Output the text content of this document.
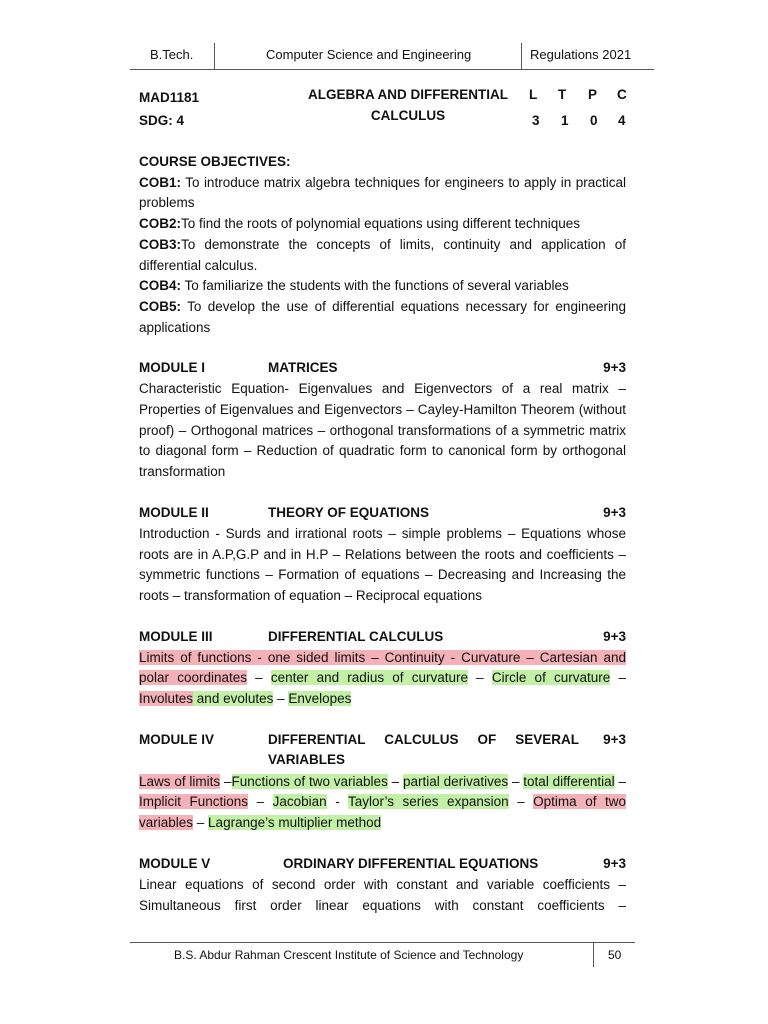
B.Tech.	Computer Science and Engineering	Regulations 2021
MAD1181
SDG: 4
ALGEBRA AND DIFFERENTIAL
CALCULUS
L T P C
3 1 0 4

COURSE OBJECTIVES:

COB1: To introduce matrix algebra techniques for engineers to apply in practical problems

COB2:To find the roots of polynomial equations using different techniques

COB3:To demonstrate the concepts of limits, continuity and application of differential calculus.

COB4: To familiarize the students with the functions of several variables

COB5: To develop the use of differential equations necessary for engineering applications

MODULE I	MATRICES	9+3

Characteristic Equation- Eigenvalues and Eigenvectors of a real matrix – Properties of Eigenvalues and Eigenvectors – Cayley-Hamilton Theorem (without proof) – Orthogonal matrices – orthogonal transformations of a symmetric matrix to diagonal form – Reduction of quadratic form to canonical form by orthogonal transformation

MODULE II	THEORY OF EQUATIONS	9+3

Introduction - Surds and irrational roots – simple problems – Equations whose roots are in A.P,G.P and in H.P – Relations between the roots and coefficients – symmetric functions – Formation of equations – Decreasing and Increasing the roots – transformation of equation – Reciprocal equations

MODULE III	DIFFERENTIAL CALCULUS	9+3

Limits of functions - one sided limits – Continuity - Curvature – Cartesian and polar coordinates – center and radius of curvature – Circle of curvature – Involutes and evolutes – Envelopes

MODULE IV	DIFFERENTIAL CALCULUS OF SEVERAL VARIABLES
9+3

Laws of limits –Functions of two variables – partial derivatives – total differential – Implicit Functions – Jacobian - Taylor’s series expansion – Optima of two variables – Lagrange’s multiplier method

MODULE V	ORDINARY DIFFERENTIAL EQUATIONS	9+3

Linear equations of second order with constant and variable coefficients – Simultaneous first order linear equations with constant coefficients –

B.S. Abdur Rahman Crescent Institute of Science and Technology	50
